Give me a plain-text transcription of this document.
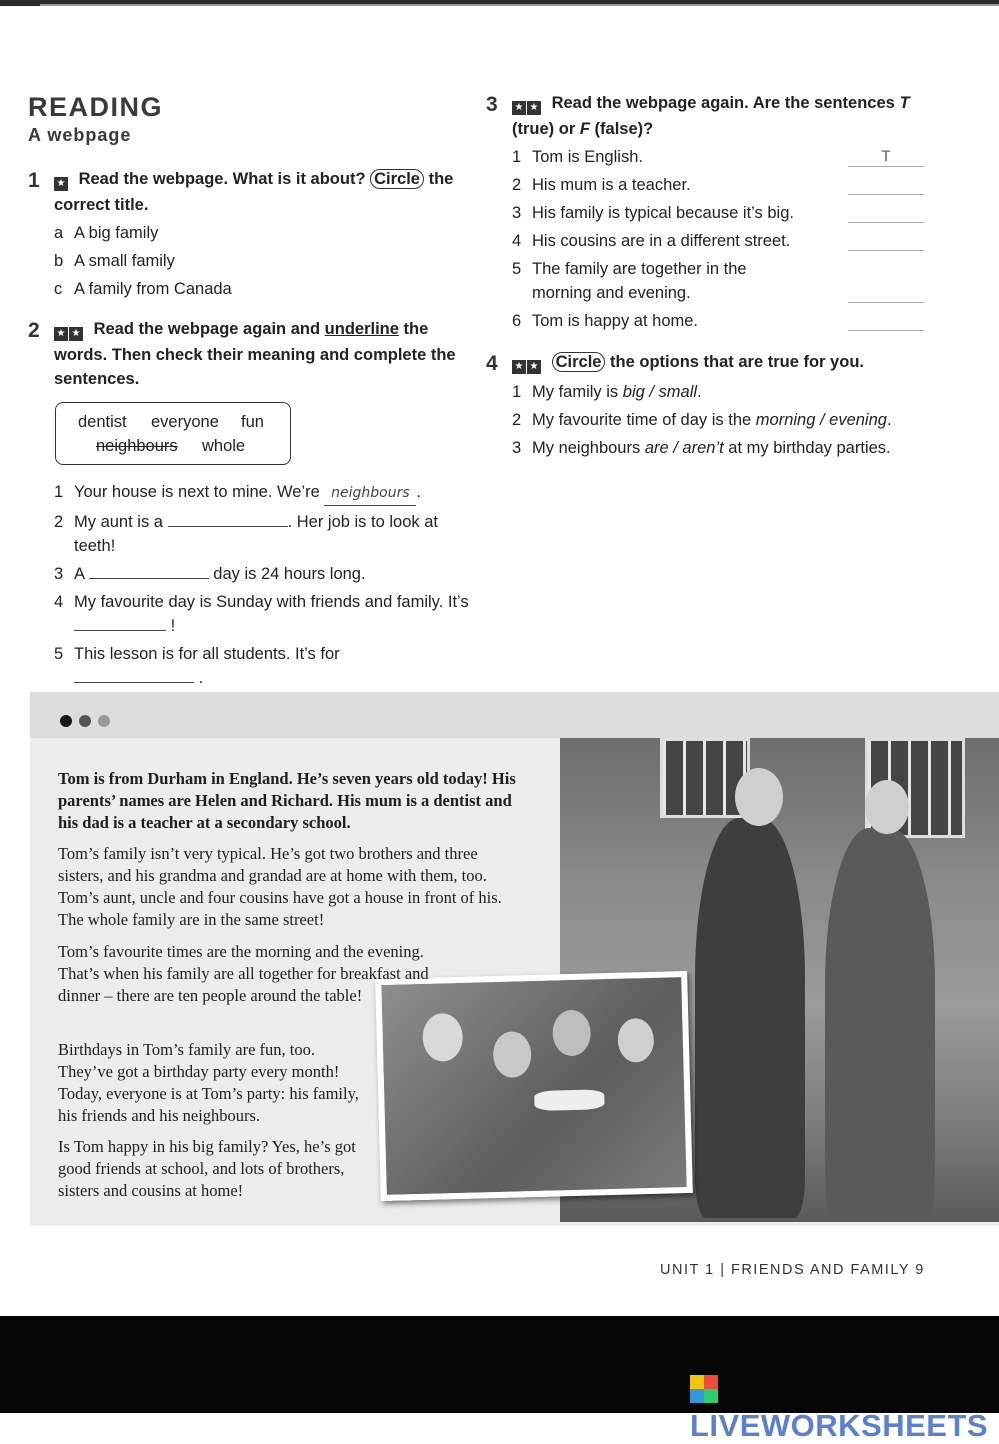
READING
A webpage
1 ★ Read the webpage. What is it about? Circle the correct title.
a A big family
b A small family
c A family from Canada
2 ★ ★ Read the webpage again and underline the words. Then check their meaning and complete the sentences.
dentist everyone fun
neighbours whole
1 Your house is next to mine. We’re neighbours .
2 My aunt is a	. Her job is to look at teeth!
3 A	day is 24 hours long.
4 My favourite day is Sunday with friends and family. It’s  !
5 This lesson is for all students. It’s for
.
3 ★ ★ Read the webpage again. Are the sentences T (true) or F (false)?
1 Tom is English.	T
2 His mum is a teacher.
3 His family is typical because it’s big.
4 His cousins are in a different street.
5 The family are together in the morning and evening.
6 Tom is happy at home.
4 ★ ★ Circle the options that are true for you.
1 My family is big / small.
2 My favourite time of day is the morning / evening.
3 My neighbours are / aren’t at my birthday parties.

Tom is from Durham in England. He’s seven years old today! His parents’ names are Helen and Richard. His mum is a dentist and his dad is a teacher at a secondary school.

Tom’s family isn’t very typical. He’s got two brothers and three sisters, and his grandma and grandad are at home with them, too. Tom’s aunt, uncle and four cousins have got a house in front of his. The whole family are in the same street!

Tom’s favourite times are the morning and the evening. That’s when his family are all together for breakfast and dinner – there are ten people around the table!

Birthdays in Tom’s family are fun, too. They’ve got a birthday party every month! Today, everyone is at Tom’s party: his family, his friends and his neighbours.

Is Tom happy in his big family? Yes, he’s got good friends at school, and lots of brothers, sisters and cousins at home!

UNIT 1 | FRIENDS AND FAMILY 9
LIVEWORKSHEETS
